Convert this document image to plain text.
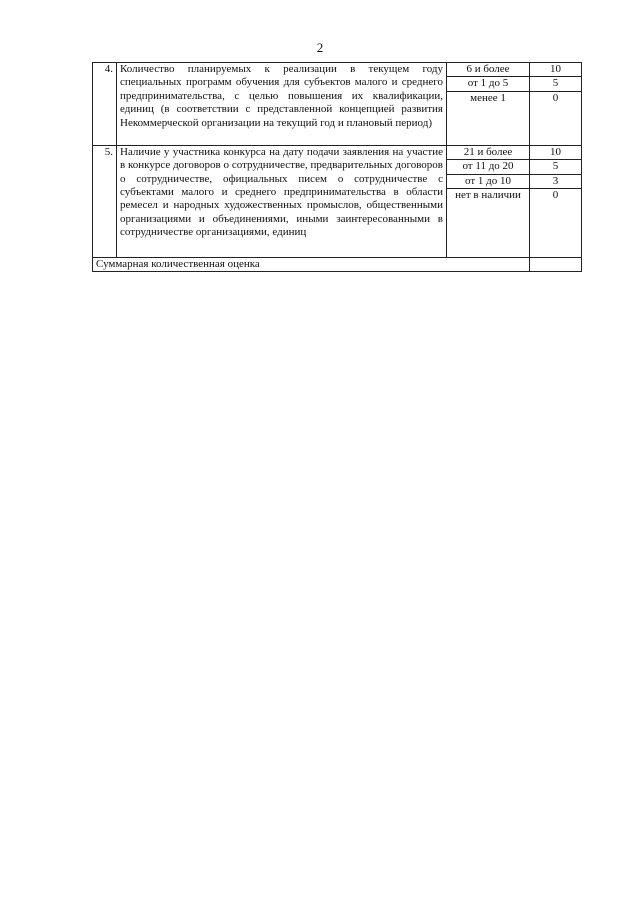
2
4.	Количество планируемых к реализации в текущем году специальных программ обучения для субъектов малого и среднего предпринимательства, с целью повышения их квалификации, единиц (в соответствии с представленной концепцией развития Некоммерческой организации на текущий год и плановый период)	6 и более	10
		от 1 до 5	5
		менее 1	0
5.	Наличие у участника конкурса на дату подачи заявления на участие в конкурсе договоров о сотрудничестве, предварительных договоров о сотрудничестве, официальных писем о сотрудничестве с субъектами малого и среднего предпринимательства в области ремесел и народных художественных промыслов, общественными организациями и объединениями, иными заинтересованными в сотрудничестве организациями, единиц	21 и более	10
		от 11 до 20	5
		от 1 до 10	3
		нет в наличии	0
Суммарная количественная оценка			
